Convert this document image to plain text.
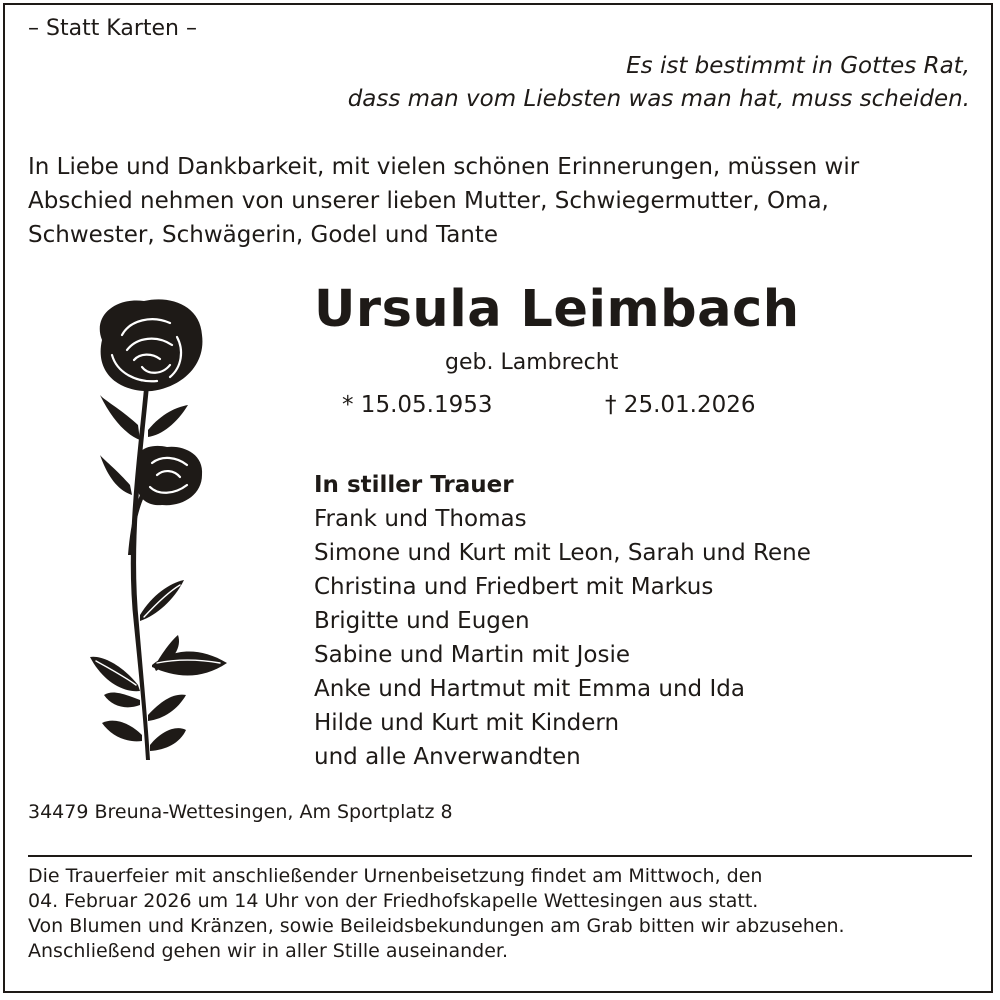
– Statt Karten –
Es ist bestimmt in Gottes Rat,
dass man vom Liebsten was man hat, muss scheiden.
In Liebe und Dankbarkeit, mit vielen schönen Erinnerungen, müssen wir
Abschied nehmen von unserer lieben Mutter, Schwiegermutter, Oma,
Schwester, Schwägerin, Godel und Tante
Ursula Leimbach
geb. Lambrecht
* 15.05.1953	† 25.01.2026
In stiller Trauer
Frank und Thomas
Simone und Kurt mit Leon, Sarah und Rene
Christina und Friedbert mit Markus
Brigitte und Eugen
Sabine und Martin mit Josie
Anke und Hartmut mit Emma und Ida
Hilde und Kurt mit Kindern
und alle Anverwandten
34479 Breuna-Wettesingen, Am Sportplatz 8
Die Trauerfeier mit anschließender Urnenbeisetzung findet am Mittwoch, den
04. Februar 2026 um 14 Uhr von der Friedhofskapelle Wettesingen aus statt.
Von Blumen und Kränzen, sowie Beileidsbekundungen am Grab bitten wir abzusehen.
Anschließend gehen wir in aller Stille auseinander.
